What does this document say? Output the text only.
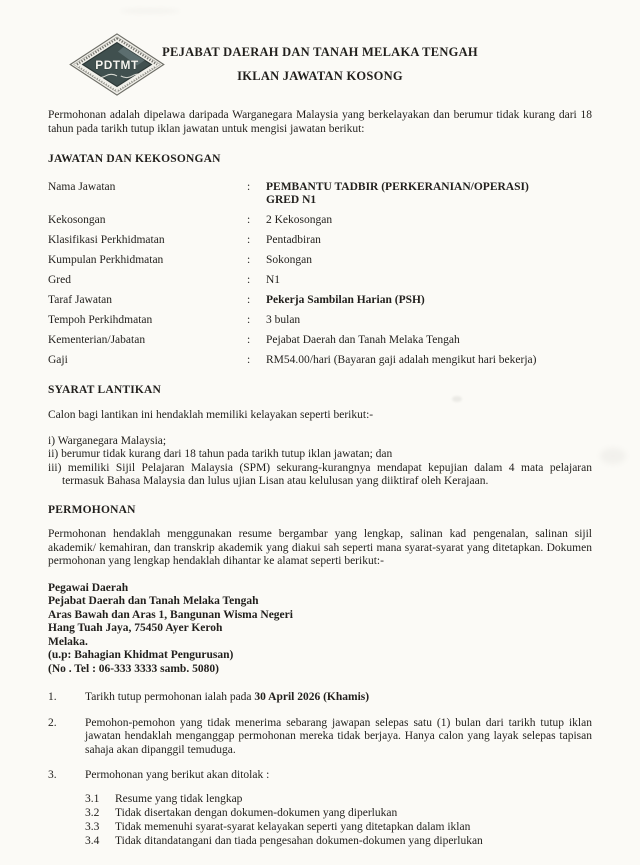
PDTMT
PEJABAT DAERAH DAN TANAH MELAKA TENGAH
IKLAN JAWATAN KOSONG
Permohonan adalah dipelawa daripada Warganegara Malaysia yang berkelayakan dan berumur tidak kurang dari 18 tahun pada tarikh tutup iklan jawatan untuk mengisi jawatan berikut:
JAWATAN DAN KEKOSONGAN
Nama Jawatan	:	PEMBANTU TADBIR (PERKERANIAN/OPERASI)
GRED N1
Kekosongan	:	2 Kekosongan
Klasifikasi Perkhidmatan	:	Pentadbiran
Kumpulan Perkhidmatan	:	Sokongan
Gred	:	N1
Taraf Jawatan	:	Pekerja Sambilan Harian (PSH)
Tempoh Perkihdmatan	:	3 bulan
Kementerian/Jabatan	:	Pejabat Daerah dan Tanah Melaka Tengah
Gaji	:	RM54.00/hari (Bayaran gaji adalah mengikut hari bekerja)
SYARAT LANTIKAN
Calon bagi lantikan ini hendaklah memiliki kelayakan seperti berikut:-
i) Warganegara Malaysia;
ii) berumur tidak kurang dari 18 tahun pada tarikh tutup iklan jawatan; dan
iii) memiliki Sijil Pelajaran Malaysia (SPM) sekurang-kurangnya mendapat kepujian dalam 4 mata pelajaran termasuk Bahasa Malaysia dan lulus ujian Lisan atau kelulusan yang diiktiraf oleh Kerajaan.
PERMOHONAN
Permohonan hendaklah menggunakan resume bergambar yang lengkap, salinan kad pengenalan, salinan sijil akademik/ kemahiran, dan transkrip akademik yang diakui sah seperti mana syarat-syarat yang ditetapkan. Dokumen permohonan yang lengkap hendaklah dihantar ke alamat seperti berikut:-
Pegawai Daerah
Pejabat Daerah dan Tanah Melaka Tengah
Aras Bawah dan Aras 1, Bangunan Wisma Negeri
Hang Tuah Jaya, 75450 Ayer Keroh
Melaka.
(u.p: Bahagian Khidmat Pengurusan)
(No . Tel : 06-333 3333 samb. 5080)
1.	Tarikh tutup permohonan ialah pada 30 April 2026 (Khamis)
2.	Pemohon-pemohon yang tidak menerima sebarang jawapan selepas satu (1) bulan dari tarikh tutup iklan jawatan hendaklah menganggap permohonan mereka tidak berjaya. Hanya calon yang layak selepas tapisan sahaja akan dipanggil temuduga.
3.	Permohonan yang berikut akan ditolak :
3.1	Resume yang tidak lengkap
3.2	Tidak disertakan dengan dokumen-dokumen yang diperlukan
3.3	Tidak memenuhi syarat-syarat kelayakan seperti yang ditetapkan dalam iklan
3.4	Tidak ditandatangani dan tiada pengesahan dokumen-dokumen yang diperlukan
